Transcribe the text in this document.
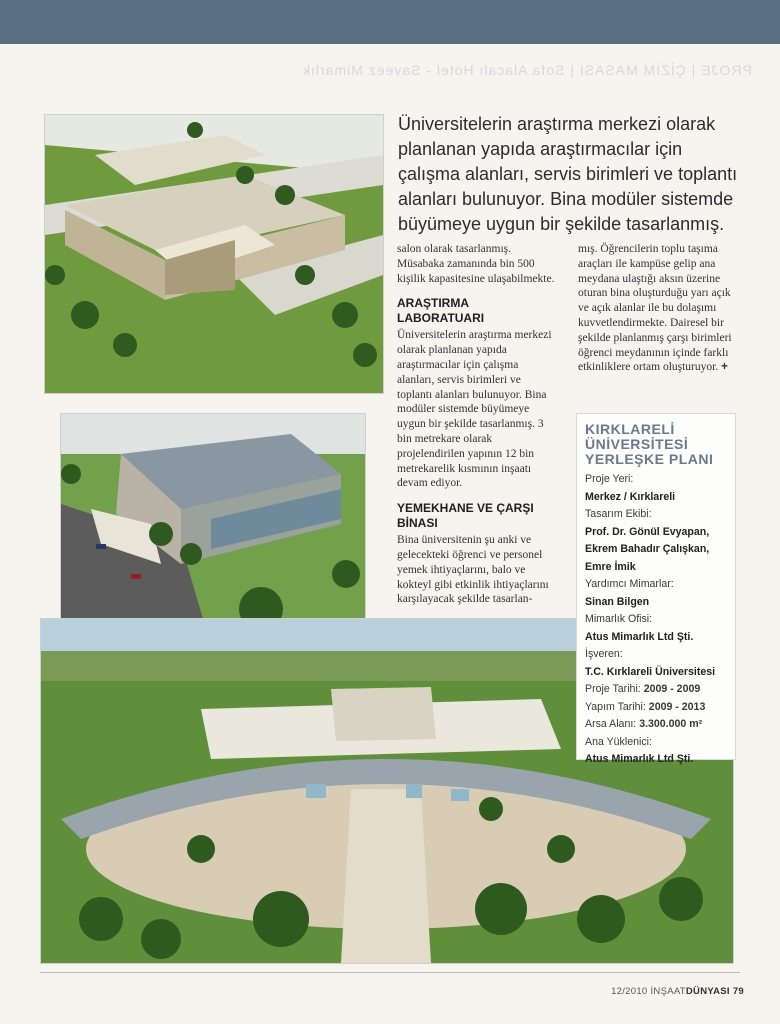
PROJE | ÇİZİM MASASI | Sofa Alacalı Hotel - Saveez Mimarlık
Üniversitelerin araştırma merkezi olarak planlanan yapıda araştırmacılar için çalışma alanları, servis birimleri ve toplantı alanları bulunuyor. Bina modüler sistemde büyümeye uygun bir şekilde tasarlanmış.

salon olarak tasarlanmış. Müsabaka zamanında bin 500 kişilik kapasitesine ulaşabilmekte.

ARAŞTIRMA LABORATUARI

Üniversitelerin araştırma merkezi olarak planlanan yapıda araştırmacılar için çalışma alanları, servis birimleri ve toplantı alanları bulunuyor. Bina modüler sistemde büyümeye uygun bir şekilde tasarlanmış. 3 bin metrekare olarak projelendirilen yapının 12 bin metrekarelik kısmının inşaatı devam ediyor.

YEMEKHANE VE ÇARŞI BİNASI

Bina üniversitenin şu anki ve gelecekteki öğrenci ve personel yemek ihtiyaçlarını, balo ve kokteyl gibi etkinlik ihtiyaçlarını karşılayacak şekilde tasarlan-

mış. Öğrencilerin toplu taşıma araçları ile kampüse gelip ana meydana ulaştığı aksın üzerine oturan bina oluşturduğu yarı açık ve açık alanlar ile bu dolaşımı kuvvetlendirmekte. Dairesel bir şekilde planlanmış çarşı birimleri öğrenci meydanının içinde farklı etkinliklere ortam oluşturuyor. +

KIRKLARELİ
ÜNİVERSİTESİ
YERLEŞKE PLANI
Proje Yeri:
Merkez / Kırklareli
Tasarım Ekibi:
Prof. Dr. Gönül Evyapan,
Ekrem Bahadır Çalışkan,
Emre İmik
Yardımcı Mimarlar:
Sinan Bilgen
Mimarlık Ofisi:
Atus Mimarlık Ltd Şti.
İşveren:
T.C. Kırklareli Üniversitesi
Proje Tarihi: 2009 - 2009
Yapım Tarihi: 2009 - 2013
Arsa Alanı: 3.300.000 m²
Ana Yüklenici:
Atus Mimarlık Ltd Şti.
12/2010 İNŞAATDÜNYASI 79
